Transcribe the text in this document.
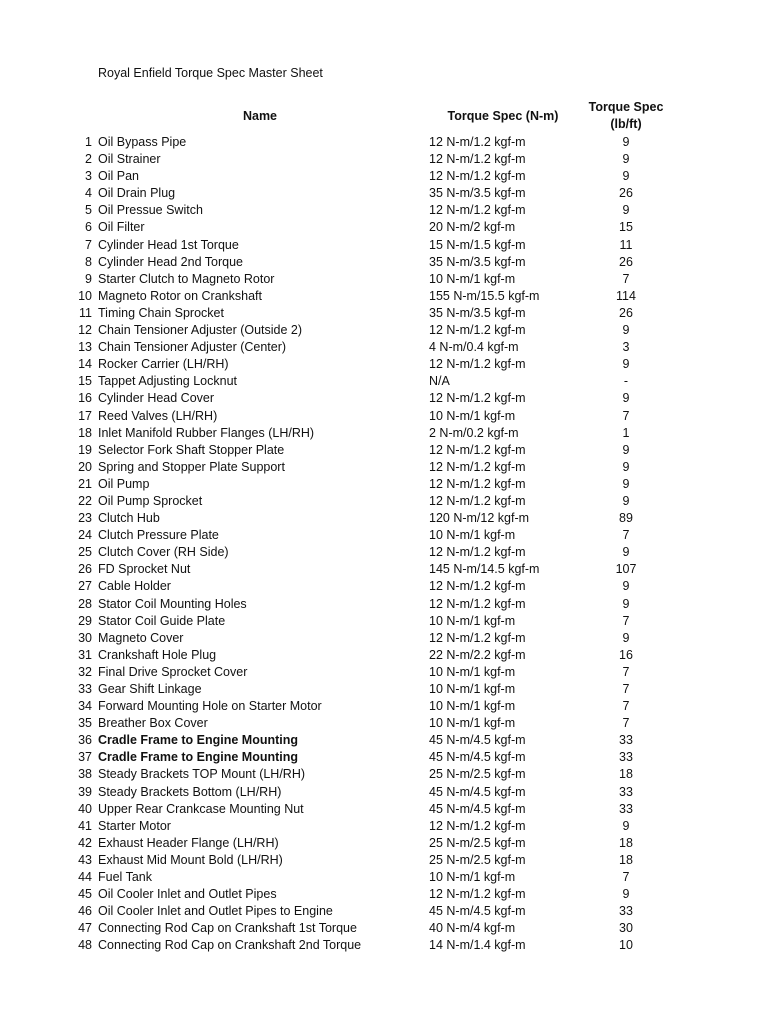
Royal Enfield Torque Spec Master Sheet
Name	Torque Spec (N-m)
Torque Spec
(lb/ft)
1 Oil Bypass Pipe	12 N-m/1.2 kgf-m	9
2 Oil Strainer	12 N-m/1.2 kgf-m	9
3 Oil Pan	12 N-m/1.2 kgf-m	9
4 Oil Drain Plug	35 N-m/3.5 kgf-m	26
5 Oil Pressue Switch	12 N-m/1.2 kgf-m	9
6 Oil Filter	20 N-m/2 kgf-m	15
7 Cylinder Head 1st Torque	15 N-m/1.5 kgf-m	11
8 Cylinder Head 2nd Torque	35 N-m/3.5 kgf-m	26
9 Starter Clutch to Magneto Rotor	10 N-m/1 kgf-m	7
10 Magneto Rotor on Crankshaft	155 N-m/15.5 kgf-m	114
11 Timing Chain Sprocket	35 N-m/3.5 kgf-m	26
12 Chain Tensioner Adjuster (Outside 2)	12 N-m/1.2 kgf-m	9
13 Chain Tensioner Adjuster (Center)	4 N-m/0.4 kgf-m	3
14 Rocker Carrier (LH/RH)	12 N-m/1.2 kgf-m	9
15 Tappet Adjusting Locknut	N/A	-
16 Cylinder Head Cover	12 N-m/1.2 kgf-m	9
17 Reed Valves (LH/RH)	10 N-m/1 kgf-m	7
18 Inlet Manifold Rubber Flanges (LH/RH)	2 N-m/0.2 kgf-m	1
19 Selector Fork Shaft Stopper Plate	12 N-m/1.2 kgf-m	9
20 Spring and Stopper Plate Support	12 N-m/1.2 kgf-m	9
21 Oil Pump	12 N-m/1.2 kgf-m	9
22 Oil Pump Sprocket	12 N-m/1.2 kgf-m	9
23 Clutch Hub	120 N-m/12 kgf-m	89
24 Clutch Pressure Plate	10 N-m/1 kgf-m	7
25 Clutch Cover (RH Side)	12 N-m/1.2 kgf-m	9
26 FD Sprocket Nut	145 N-m/14.5 kgf-m	107
27 Cable Holder	12 N-m/1.2 kgf-m	9
28 Stator Coil Mounting Holes	12 N-m/1.2 kgf-m	9
29 Stator Coil Guide Plate	10 N-m/1 kgf-m	7
30 Magneto Cover	12 N-m/1.2 kgf-m	9
31 Crankshaft Hole Plug	22 N-m/2.2 kgf-m	16
32 Final Drive Sprocket Cover	10 N-m/1 kgf-m	7
33 Gear Shift Linkage	10 N-m/1 kgf-m	7
34 Forward Mounting Hole on Starter Motor	10 N-m/1 kgf-m	7
35 Breather Box Cover	10 N-m/1 kgf-m	7
36 Cradle Frame to Engine Mounting	45 N-m/4.5 kgf-m	33
37 Cradle Frame to Engine Mounting	45 N-m/4.5 kgf-m	33
38 Steady Brackets TOP Mount (LH/RH)	25 N-m/2.5 kgf-m	18
39 Steady Brackets Bottom (LH/RH)	45 N-m/4.5 kgf-m	33
40 Upper Rear Crankcase Mounting Nut	45 N-m/4.5 kgf-m	33
41 Starter Motor	12 N-m/1.2 kgf-m	9
42 Exhaust Header Flange (LH/RH)	25 N-m/2.5 kgf-m	18
43 Exhaust Mid Mount Bold (LH/RH)	25 N-m/2.5 kgf-m	18
44 Fuel Tank	10 N-m/1 kgf-m	7
45 Oil Cooler Inlet and Outlet Pipes	12 N-m/1.2 kgf-m	9
46 Oil Cooler Inlet and Outlet Pipes to Engine	45 N-m/4.5 kgf-m	33
47 Connecting Rod Cap on Crankshaft 1st Torque	40 N-m/4 kgf-m	30
48 Connecting Rod Cap on Crankshaft 2nd Torque	14 N-m/1.4 kgf-m	10
